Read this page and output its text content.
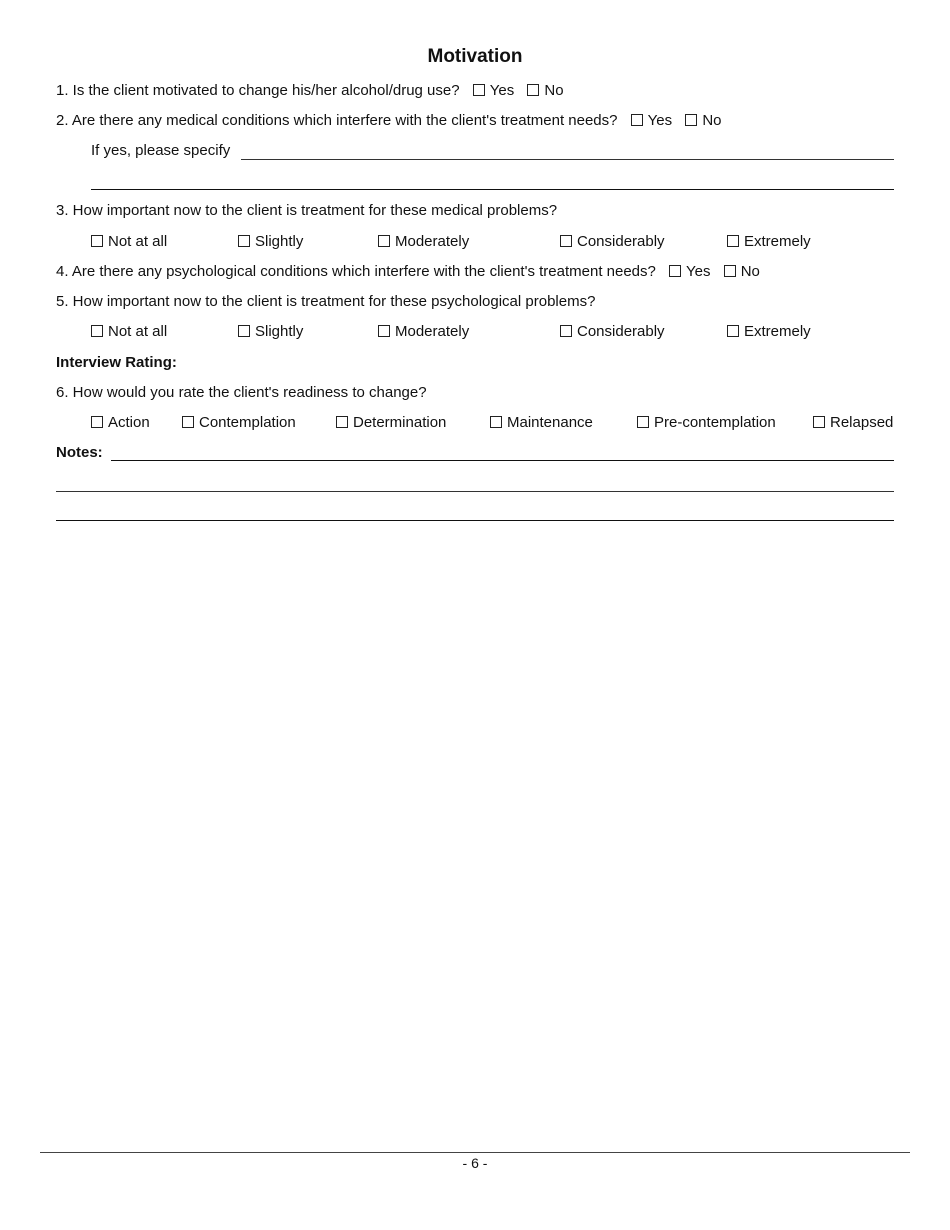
Motivation
1. Is the client motivated to change his/her alcohol/drug use? Yes No
2. Are there any medical conditions which interfere with the client's treatment needs? Yes No
If yes, please specify
3. How important now to the client is treatment for these medical problems?
Not at all	Slightly	Moderately	Considerably	Extremely
4. Are there any psychological conditions which interfere with the client's treatment needs? Yes No
5. How important now to the client is treatment for these psychological problems?
Not at all	Slightly	Moderately	Considerably	Extremely
Interview Rating:
6. How would you rate the client's readiness to change?
Action	Contemplation	Determination	Maintenance	Pre-contemplation	Relapsed
Notes:
- 6 -
